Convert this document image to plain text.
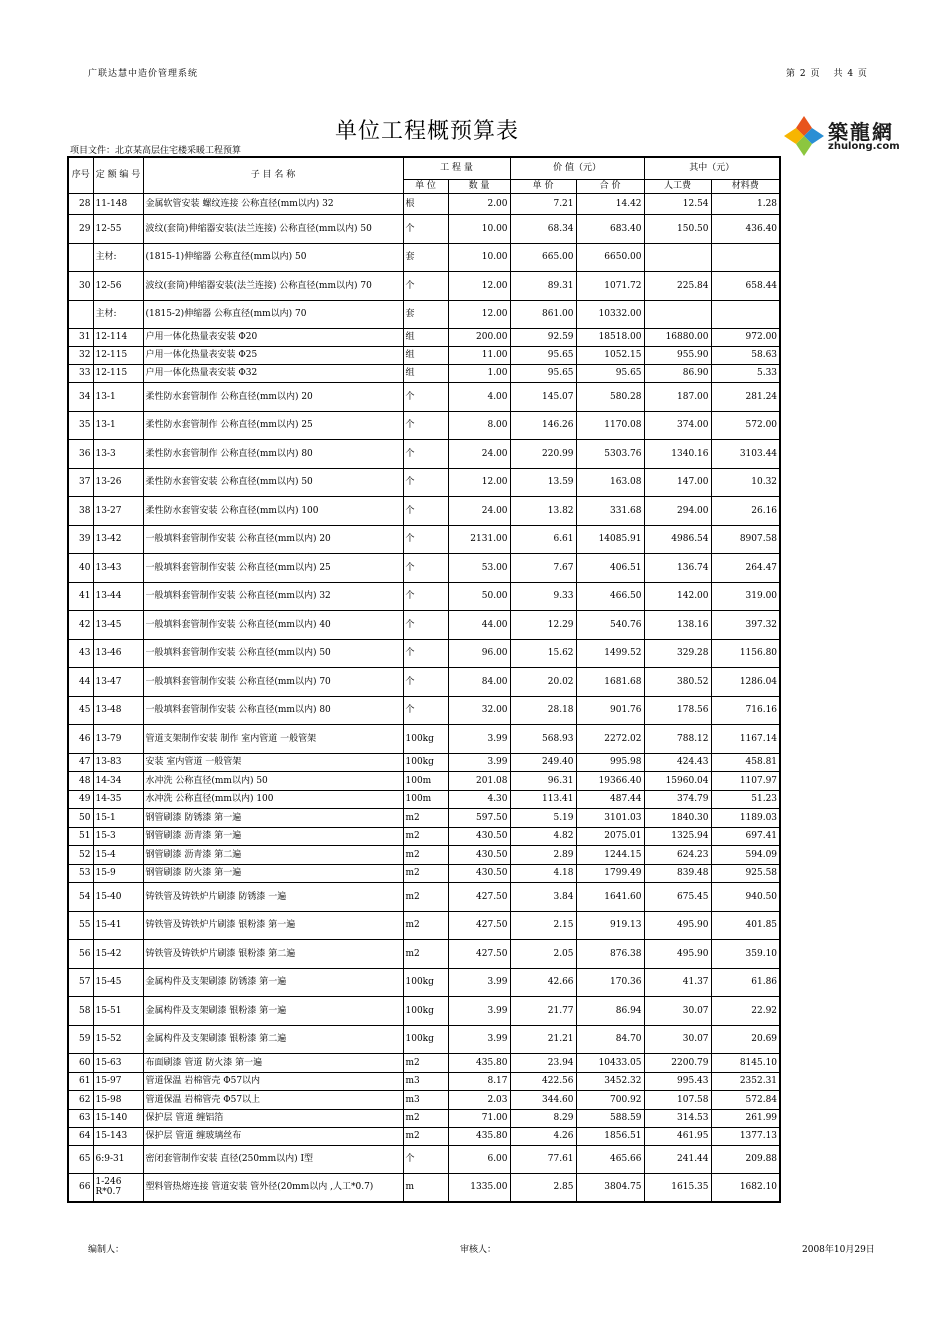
广联达慧中造价管理系统	第 2 页 共 4 页
单位工程概预算表	築龍網
zhulong.com
项目文件：北京某高层住宅楼采暖工程预算
序号	定 额 编 号	子 目 名 称	工 程 量		价 值（元）		其中（元）	
			单 位	数 量	单 价	合 价	人工费	材料费
28	11-148	金属软管安装 螺纹连接 公称直径(mm以内) 32	根	2.00	7.21	14.42	12.54	1.28
29	12-55	波纹(套筒)伸缩器安装(法兰连接) 公称直径(mm以内) 50	个	10.00	68.34	683.40	150.50	436.40
	主材:	(1815-1)伸缩器 公称直径(mm以内) 50	套	10.00	665.00	6650.00		
30	12-56	波纹(套筒)伸缩器安装(法兰连接) 公称直径(mm以内) 70	个	12.00	89.31	1071.72	225.84	658.44
	主材:	(1815-2)伸缩器 公称直径(mm以内) 70	套	12.00	861.00	10332.00		
31	12-114	户用一体化热量表安装 Φ20	组	200.00	92.59	18518.00	16880.00	972.00
32	12-115	户用一体化热量表安装 Φ25	组	11.00	95.65	1052.15	955.90	58.63
33	12-115	户用一体化热量表安装 Φ32	组	1.00	95.65	95.65	86.90	5.33
34	13-1	柔性防水套管制作 公称直径(mm以内) 20	个	4.00	145.07	580.28	187.00	281.24
35	13-1	柔性防水套管制作 公称直径(mm以内) 25	个	8.00	146.26	1170.08	374.00	572.00
36	13-3	柔性防水套管制作 公称直径(mm以内) 80	个	24.00	220.99	5303.76	1340.16	3103.44
37	13-26	柔性防水套管安装 公称直径(mm以内) 50	个	12.00	13.59	163.08	147.00	10.32
38	13-27	柔性防水套管安装 公称直径(mm以内) 100	个	24.00	13.82	331.68	294.00	26.16
39	13-42	一般填料套管制作安装 公称直径(mm以内) 20	个	2131.00	6.61	14085.91	4986.54	8907.58
40	13-43	一般填料套管制作安装 公称直径(mm以内) 25	个	53.00	7.67	406.51	136.74	264.47
41	13-44	一般填料套管制作安装 公称直径(mm以内) 32	个	50.00	9.33	466.50	142.00	319.00
42	13-45	一般填料套管制作安装 公称直径(mm以内) 40	个	44.00	12.29	540.76	138.16	397.32
43	13-46	一般填料套管制作安装 公称直径(mm以内) 50	个	96.00	15.62	1499.52	329.28	1156.80
44	13-47	一般填料套管制作安装 公称直径(mm以内) 70	个	84.00	20.02	1681.68	380.52	1286.04
45	13-48	一般填料套管制作安装 公称直径(mm以内) 80	个	32.00	28.18	901.76	178.56	716.16
46	13-79	管道支架制作安装 制作 室内管道 一般管架	100kg	3.99	568.93	2272.02	788.12	1167.14
47	13-83	安装 室内管道 一般管架	100kg	3.99	249.40	995.98	424.43	458.81
48	14-34	水冲洗 公称直径(mm以内) 50	100m	201.08	96.31	19366.40	15960.04	1107.97
49	14-35	水冲洗 公称直径(mm以内) 100	100m	4.30	113.41	487.44	374.79	51.23
50	15-1	钢管刷漆 防锈漆 第一遍	m2	597.50	5.19	3101.03	1840.30	1189.03
51	15-3	钢管刷漆 沥青漆 第一遍	m2	430.50	4.82	2075.01	1325.94	697.41
52	15-4	钢管刷漆 沥青漆 第二遍	m2	430.50	2.89	1244.15	624.23	594.09
53	15-9	钢管刷漆 防火漆 第一遍	m2	430.50	4.18	1799.49	839.48	925.58
54	15-40	铸铁管及铸铁炉片刷漆 防锈漆 一遍	m2	427.50	3.84	1641.60	675.45	940.50
55	15-41	铸铁管及铸铁炉片刷漆 银粉漆 第一遍	m2	427.50	2.15	919.13	495.90	401.85
56	15-42	铸铁管及铸铁炉片刷漆 银粉漆 第二遍	m2	427.50	2.05	876.38	495.90	359.10
57	15-45	金属构件及支架刷漆 防锈漆 第一遍	100kg	3.99	42.66	170.36	41.37	61.86
58	15-51	金属构件及支架刷漆 银粉漆 第一遍	100kg	3.99	21.77	86.94	30.07	22.92
59	15-52	金属构件及支架刷漆 银粉漆 第二遍	100kg	3.99	21.21	84.70	30.07	20.69
60	15-63	布面刷漆 管道 防火漆 第一遍	m2	435.80	23.94	10433.05	2200.79	8145.10
61	15-97	管道保温 岩棉管壳 Φ57以内	m3	8.17	422.56	3452.32	995.43	2352.31
62	15-98	管道保温 岩棉管壳 Φ57以上	m3	2.03	344.60	700.92	107.58	572.84
63	15-140	保护层 管道 缠铝箔	m2	71.00	8.29	588.59	314.53	261.99
64	15-143	保护层 管道 缠玻璃丝布	m2	435.80	4.26	1856.51	461.95	1377.13
65	6:9-31	密闭套管制作安装 直径(250mm以内) I型	个	6.00	77.61	465.66	241.44	209.88
66	1-246 R*0.7	塑料管热熔连接 管道安装 管外径(20mm以内 ,人工*0.7)	m	1335.00	2.85	3804.75	1615.35	1682.10
编制人：	审核人：	2008年10月29日
